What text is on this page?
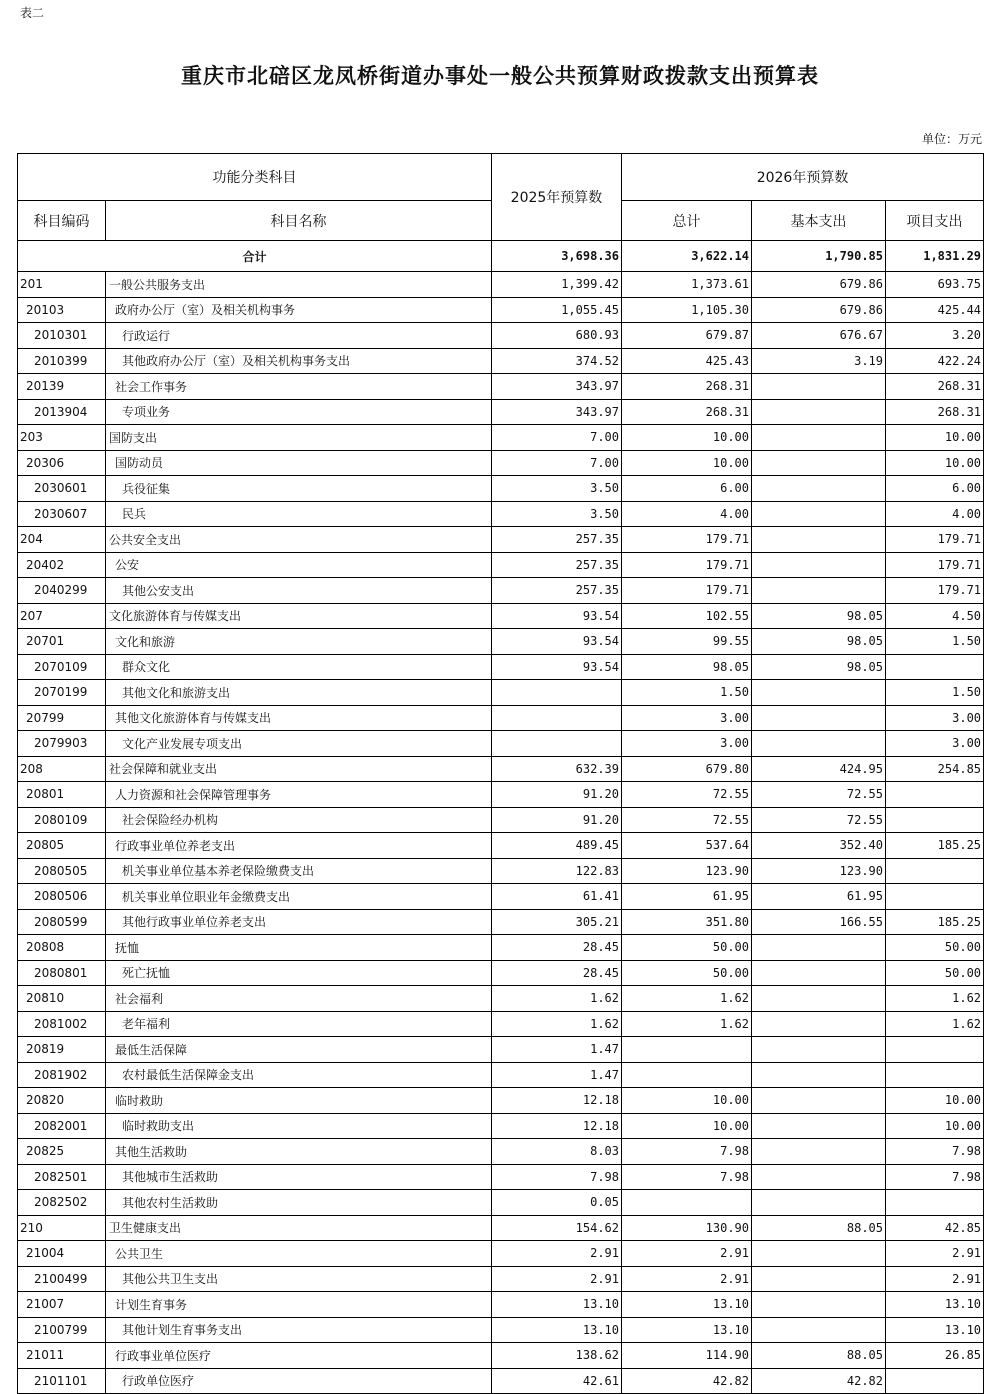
表二
重庆市北碚区龙凤桥街道办事处一般公共预算财政拨款支出预算表
单位：万元
功能分类科目		2025年预算数	2026年预算数		
科目编码	科目名称		总计	基本支出	项目支出
合计		3,698.36	3,622.14	1,790.85	1,831.29
201	一般公共服务支出	1,399.42	1,373.61	679.86	693.75
20103	政府办公厅（室）及相关机构事务	1,055.45	1,105.30	679.86	425.44
2010301	行政运行	680.93	679.87	676.67	3.20
2010399	其他政府办公厅（室）及相关机构事务支出	374.52	425.43	3.19	422.24
20139	社会工作事务	343.97	268.31		268.31
2013904	专项业务	343.97	268.31		268.31
203	国防支出	7.00	10.00		10.00
20306	国防动员	7.00	10.00		10.00
2030601	兵役征集	3.50	6.00		6.00
2030607	民兵	3.50	4.00		4.00
204	公共安全支出	257.35	179.71		179.71
20402	公安	257.35	179.71		179.71
2040299	其他公安支出	257.35	179.71		179.71
207	文化旅游体育与传媒支出	93.54	102.55	98.05	4.50
20701	文化和旅游	93.54	99.55	98.05	1.50
2070109	群众文化	93.54	98.05	98.05	
2070199	其他文化和旅游支出		1.50		1.50
20799	其他文化旅游体育与传媒支出		3.00		3.00
2079903	文化产业发展专项支出		3.00		3.00
208	社会保障和就业支出	632.39	679.80	424.95	254.85
20801	人力资源和社会保障管理事务	91.20	72.55	72.55	
2080109	社会保险经办机构	91.20	72.55	72.55	
20805	行政事业单位养老支出	489.45	537.64	352.40	185.25
2080505	机关事业单位基本养老保险缴费支出	122.83	123.90	123.90	
2080506	机关事业单位职业年金缴费支出	61.41	61.95	61.95	
2080599	其他行政事业单位养老支出	305.21	351.80	166.55	185.25
20808	抚恤	28.45	50.00		50.00
2080801	死亡抚恤	28.45	50.00		50.00
20810	社会福利	1.62	1.62		1.62
2081002	老年福利	1.62	1.62		1.62
20819	最低生活保障	1.47			
2081902	农村最低生活保障金支出	1.47			
20820	临时救助	12.18	10.00		10.00
2082001	临时救助支出	12.18	10.00		10.00
20825	其他生活救助	8.03	7.98		7.98
2082501	其他城市生活救助	7.98	7.98		7.98
2082502	其他农村生活救助	0.05			
210	卫生健康支出	154.62	130.90	88.05	42.85
21004	公共卫生	2.91	2.91		2.91
2100499	其他公共卫生支出	2.91	2.91		2.91
21007	计划生育事务	13.10	13.10		13.10
2100799	其他计划生育事务支出	13.10	13.10		13.10
21011	行政事业单位医疗	138.62	114.90	88.05	26.85
2101101	行政单位医疗	42.61	42.82	42.82	
